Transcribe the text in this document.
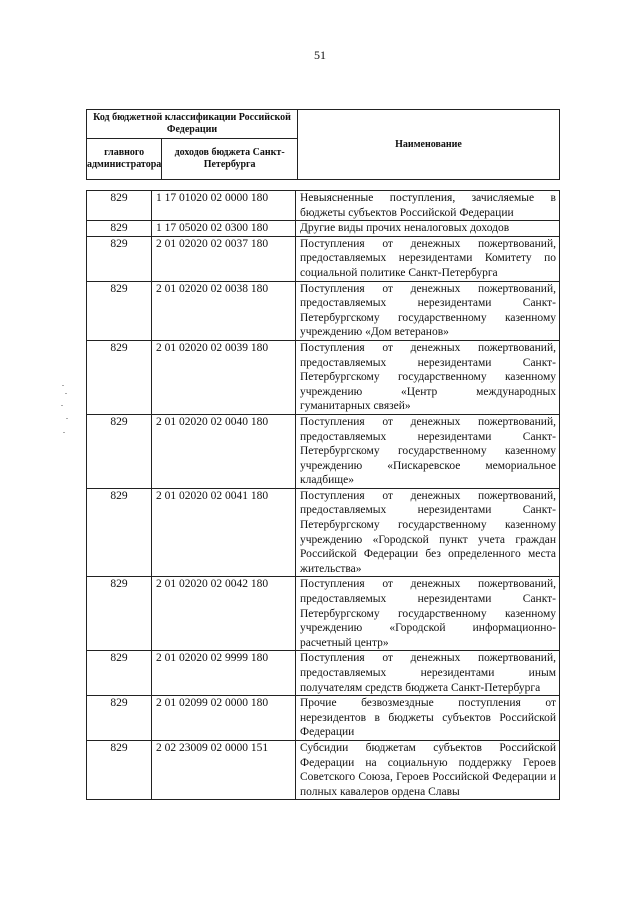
51
Код бюджетной классификации Российской Федерации		Наименование
главного администратора	доходов бюджета Санкт-Петербурга	
829	1 17 01020 02 0000 180	Невыясненные поступления, зачисляемые в бюджеты субъектов Российской Федерации
829	1 17 05020 02 0300 180	Другие виды прочих неналоговых доходов
829	2 01 02020 02 0037 180	Поступления от денежных пожертвований, предоставляемых нерезидентами Комитету по социальной политике Санкт-Петербурга
829	2 01 02020 02 0038 180	Поступления от денежных пожертвований, предоставляемых нерезидентами Санкт-Петербургскому государственному казенному учреждению «Дом ветеранов»
829	2 01 02020 02 0039 180	Поступления от денежных пожертвований, предоставляемых нерезидентами Санкт-Петербургскому государственному казенному учреждению «Центр международных гуманитарных связей»
829	2 01 02020 02 0040 180	Поступления от денежных пожертвований, предоставляемых нерезидентами Санкт-Петербургскому государственному казенному учреждению «Пискаревское мемориальное кладбище»
829	2 01 02020 02 0041 180	Поступления от денежных пожертвований, предоставляемых нерезидентами Санкт-Петербургскому государственному казенному учреждению «Городской пункт учета граждан Российской Федерации без определенного места жительства»
829	2 01 02020 02 0042 180	Поступления от денежных пожертвований, предоставляемых нерезидентами Санкт-Петербургскому государственному казенному учреждению «Городской информационно-расчетный центр»
829	2 01 02020 02 9999 180	Поступления от денежных пожертвований, предоставляемых нерезидентами иным получателям средств бюджета Санкт-Петербурга
829	2 01 02099 02 0000 180	Прочие безвозмездные поступления от нерезидентов в бюджеты субъектов Российской Федерации
829	2 02 23009 02 0000 151	Субсидии бюджетам субъектов Российской Федерации на социальную поддержку Героев Советского Союза, Героев Российской Федерации и полных кавалеров ордена Славы
